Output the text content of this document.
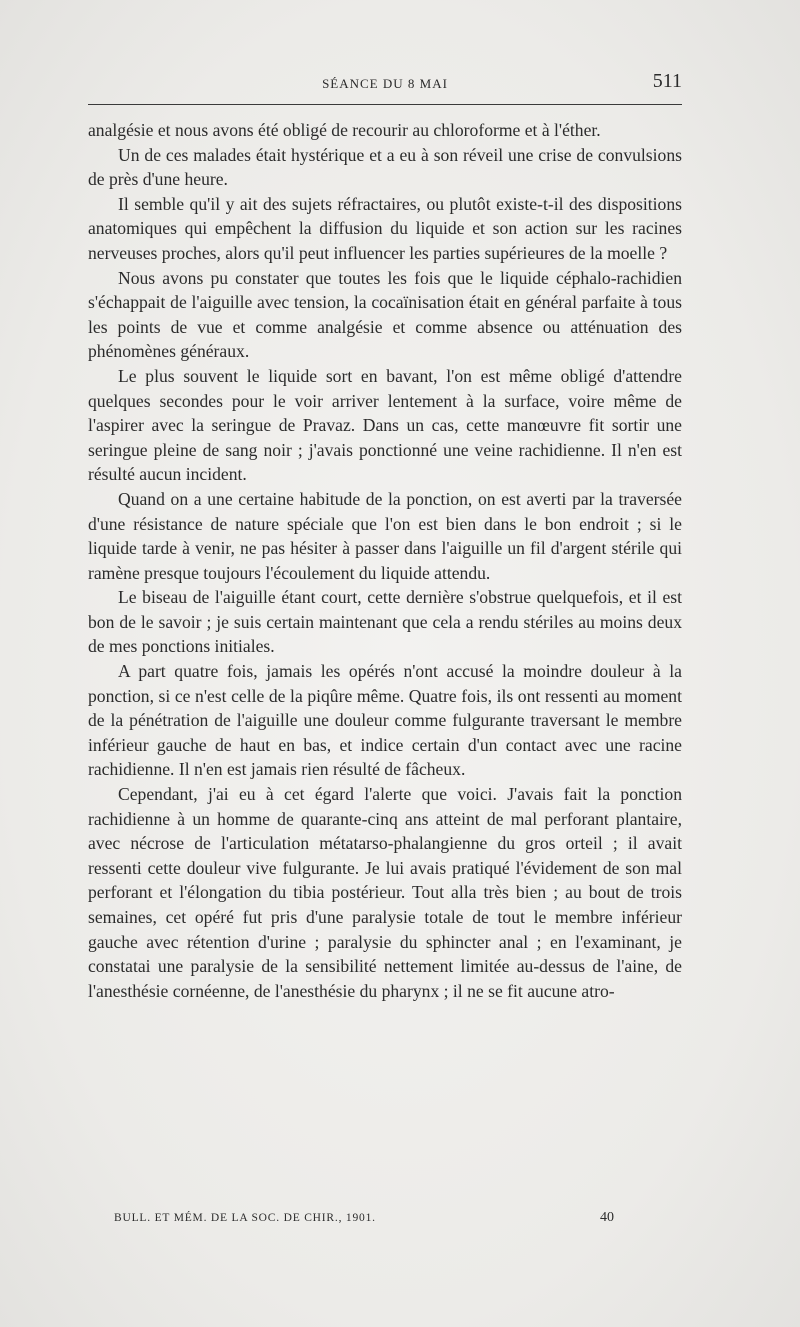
SÉANCE DU 8 MAI	511

analgésie et nous avons été obligé de recourir au chloroforme et à l'éther.

Un de ces malades était hystérique et a eu à son réveil une crise de convulsions de près d'une heure.

Il semble qu'il y ait des sujets réfractaires, ou plutôt existe-t-il des dispositions anatomiques qui empêchent la diffusion du liquide et son action sur les racines nerveuses proches, alors qu'il peut influencer les parties supérieures de la moelle ?

Nous avons pu constater que toutes les fois que le liquide céphalo-rachidien s'échappait de l'aiguille avec tension, la cocaïnisation était en général parfaite à tous les points de vue et comme analgésie et comme absence ou atténuation des phénomènes généraux.

Le plus souvent le liquide sort en bavant, l'on est même obligé d'attendre quelques secondes pour le voir arriver lentement à la surface, voire même de l'aspirer avec la seringue de Pravaz. Dans un cas, cette manœuvre fit sortir une seringue pleine de sang noir ; j'avais ponctionné une veine rachidienne. Il n'en est résulté aucun incident.

Quand on a une certaine habitude de la ponction, on est averti par la traversée d'une résistance de nature spéciale que l'on est bien dans le bon endroit ; si le liquide tarde à venir, ne pas hésiter à passer dans l'aiguille un fil d'argent stérile qui ramène presque toujours l'écoulement du liquide attendu.

Le biseau de l'aiguille étant court, cette dernière s'obstrue quelquefois, et il est bon de le savoir ; je suis certain maintenant que cela a rendu stériles au moins deux de mes ponctions initiales.

A part quatre fois, jamais les opérés n'ont accusé la moindre douleur à la ponction, si ce n'est celle de la piqûre même. Quatre fois, ils ont ressenti au moment de la pénétration de l'aiguille une douleur comme fulgurante traversant le membre inférieur gauche de haut en bas, et indice certain d'un contact avec une racine rachidienne. Il n'en est jamais rien résulté de fâcheux.

Cependant, j'ai eu à cet égard l'alerte que voici. J'avais fait la ponction rachidienne à un homme de quarante-cinq ans atteint de mal perforant plantaire, avec nécrose de l'articulation métatarso-phalangienne du gros orteil ; il avait ressenti cette douleur vive fulgurante. Je lui avais pratiqué l'évidement de son mal perforant et l'élongation du tibia postérieur. Tout alla très bien ; au bout de trois semaines, cet opéré fut pris d'une paralysie totale de tout le membre inférieur gauche avec rétention d'urine ; paralysie du sphincter anal ; en l'examinant, je constatai une paralysie de la sensibilité nettement limitée au-dessus de l'aine, de l'anesthésie cornéenne, de l'anesthésie du pharynx ; il ne se fit aucune atro-

BULL. ET MÉM. DE LA SOC. DE CHIR., 1901.	40
